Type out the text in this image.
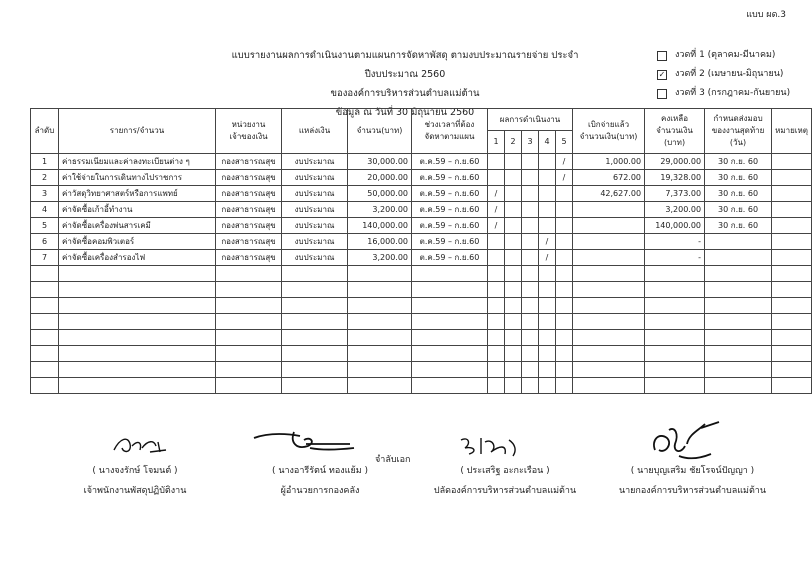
แบบ ผด.3
แบบรายงานผลการดำเนินงานตามแผนการจัดหาพัสดุ ตามงบประมาณรายจ่าย ประจำปีงบประมาณ 2560
ขององค์การบริหารส่วนตำบลแม่ต้าน
ข้อมูล ณ วันที่ 30 มิถุนายน 2560
งวดที่ 1 (ตุลาคม-มีนาคม)
✓ งวดที่ 2 (เมษายน-มิถุนายน)
งวดที่ 3 (กรกฎาคม-กันยายน)
ลำดับ	รายการ/จำนวน	หน่วยงาน เจ้าของเงิน	แหล่งเงิน	จำนวน(บาท)	ช่วงเวลาที่ต้อง จัดหาตามแผน	ผลการดำเนินงาน					เบิกจ่ายแล้ว จำนวนเงิน(บาท)	คงเหลือ จำนวนเงิน (บาท)	กำหนดส่งมอบ ของงานสุดท้าย (วัน)	หมายเหตุ
						1	2	3	4	5				
1	ค่าธรรมเนียมและค่าลงทะเบียนต่าง ๆ	กองสาธารณสุข	งบประมาณ	30,000.00	ต.ค.59 – ก.ย.60					/	1,000.00	29,000.00	30 ก.ย. 60	
2	ค่าใช้จ่ายในการเดินทางไปราชการ	กองสาธารณสุข	งบประมาณ	20,000.00	ต.ค.59 – ก.ย.60					/	672.00	19,328.00	30 ก.ย. 60	
3	ค่าวัสดุวิทยาศาสตร์หรือการแพทย์	กองสาธารณสุข	งบประมาณ	50,000.00	ต.ค.59 – ก.ย.60	/					42,627.00	7,373.00	30 ก.ย. 60	
4	ค่าจัดซื้อเก้าอี้ทำงาน	กองสาธารณสุข	งบประมาณ	3,200.00	ต.ค.59 – ก.ย.60	/						3,200.00	30 ก.ย. 60	
5	ค่าจัดซื้อเครื่องพ่นสารเคมี	กองสาธารณสุข	งบประมาณ	140,000.00	ต.ค.59 – ก.ย.60	/						140,000.00	30 ก.ย. 60	
6	ค่าจัดซื้อคอมพิวเตอร์	กองสาธารณสุข	งบประมาณ	16,000.00	ต.ค.59 – ก.ย.60				/			-		
7	ค่าจัดซื้อเครื่องสำรองไฟ	กองสาธารณสุข	งบประมาณ	3,200.00	ต.ค.59 – ก.ย.60				/			-		

จำลับเอก
( นางจงรักษ์ โจมนต์ )
เจ้าพนักงานพัสดุปฏิบัติงาน
( นางอารีรัตน์ ทองแย้ม )
ผู้อำนวยการกองคลัง
( ประเสริฐ อะกะเรือน )
ปลัดองค์การบริหารส่วนตำบลแม่ต้าน
( นายบุญเสริม ชัยโรจน์ปัญญา )
นายกองค์การบริหารส่วนตำบลแม่ต้าน
